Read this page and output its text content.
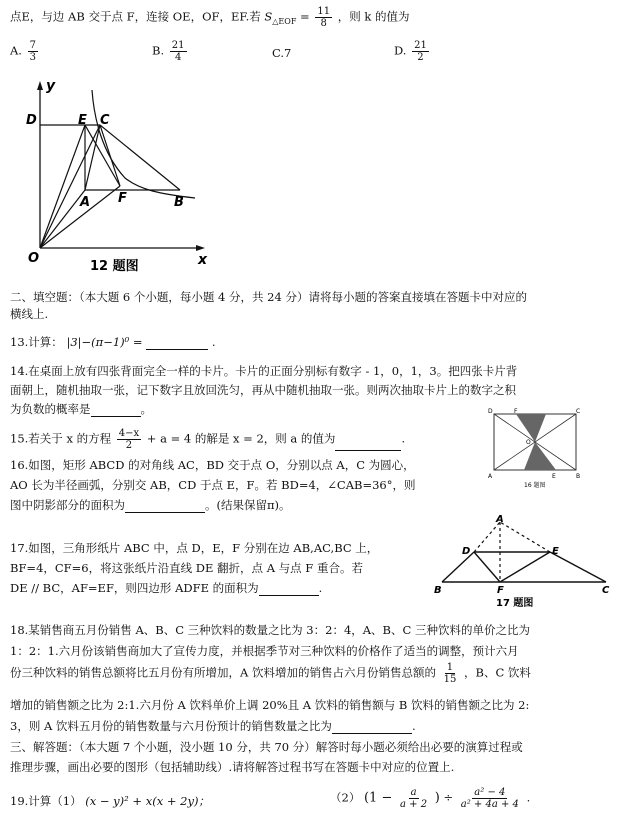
点E，与边 AB 交于点 F，连接 OE，OF，EF.若 $S_{\triangle EOF} = \frac{11}{8}$ ，则 k 的值为
A. $\frac{7}{3}$	B. $\frac{21}{4}$	C.7	D. $\frac{21}{2}$
y
x
D	E C
A F	B
O
12 题图
二、填空题：（本大题 6 个小题，每小题 4 分，共 24 分）请将每小题的答案直接填在答题卡中对应的
横线上.
13.计算： |3|−(π−1)⁰ =	.
14.在桌面上放有四张背面完全一样的卡片。卡片的正面分别标有数字 - 1，0，1，3。把四张卡片背
面朝上，随机抽取一张，记下数字且放回洗匀，再从中随机抽取一张。则两次抽取卡片上的数字之积
为负数的概率是	。
15.若关于 x 的方程 $\frac{4-x}{2} + a = 4$ 的解是 x = 2，则 a 的值为	.
A	B
C
D
E
F
O
16 题图
16.如图，矩形 ABCD 的对角线 AC，BD 交于点 O，分别以点 A，C 为圆心，
AO 长为半径画弧，分别交 AB，CD 于点 E，F。若 BD=4，∠CAB=36°，则
图中阴影部分的面积为	。(结果保留π)。
A
D	E
B	F	C
17 题图
17.如图，三角形纸片 ABC 中，点 D，E，F 分别在边 AB,AC,BC 上，
BF=4，CF=6，将这张纸片沿直线 DE 翻折，点 A 与点 F 重合。若
DE // BC，AF=EF，则四边形 ADFE 的面积为	.
18.某销售商五月份销售 A、B、C 三种饮料的数量之比为 3：2：4，A、B、C 三种饮料的单价之比为
1：2：1.六月份该销售商加大了宣传力度，并根据季节对三种饮料的价格作了适当的调整，预计六月
份三种饮料的销售总额将比五月份有所增加，A 饮料增加的销售占六月份销售总额的 $\frac{1}{15}$ ，B、C 饮料
增加的销售额之比为 2:1.六月份 A 饮料单价上调 20%且 A 饮料的销售额与 B 饮料的销售额之比为 2:
3，则 A 饮料五月份的销售数量与六月份预计的销售数量之比为	.
三、解答题：（本大题 7 个小题，没小题 10 分，共 70 分）解答时每小题必须给出必要的演算过程或
推理步骤，画出必要的图形（包括辅助线）.请将解答过程书写在答题卡中对应的位置上.
19.计算（1） (x − y)² + x(x + 2y)；	（2） ($1 - \frac{a}{a + 2}$ ) ÷ $\frac{\text{a² − 4}}{\text{a² + 4a + 4}}$ .
